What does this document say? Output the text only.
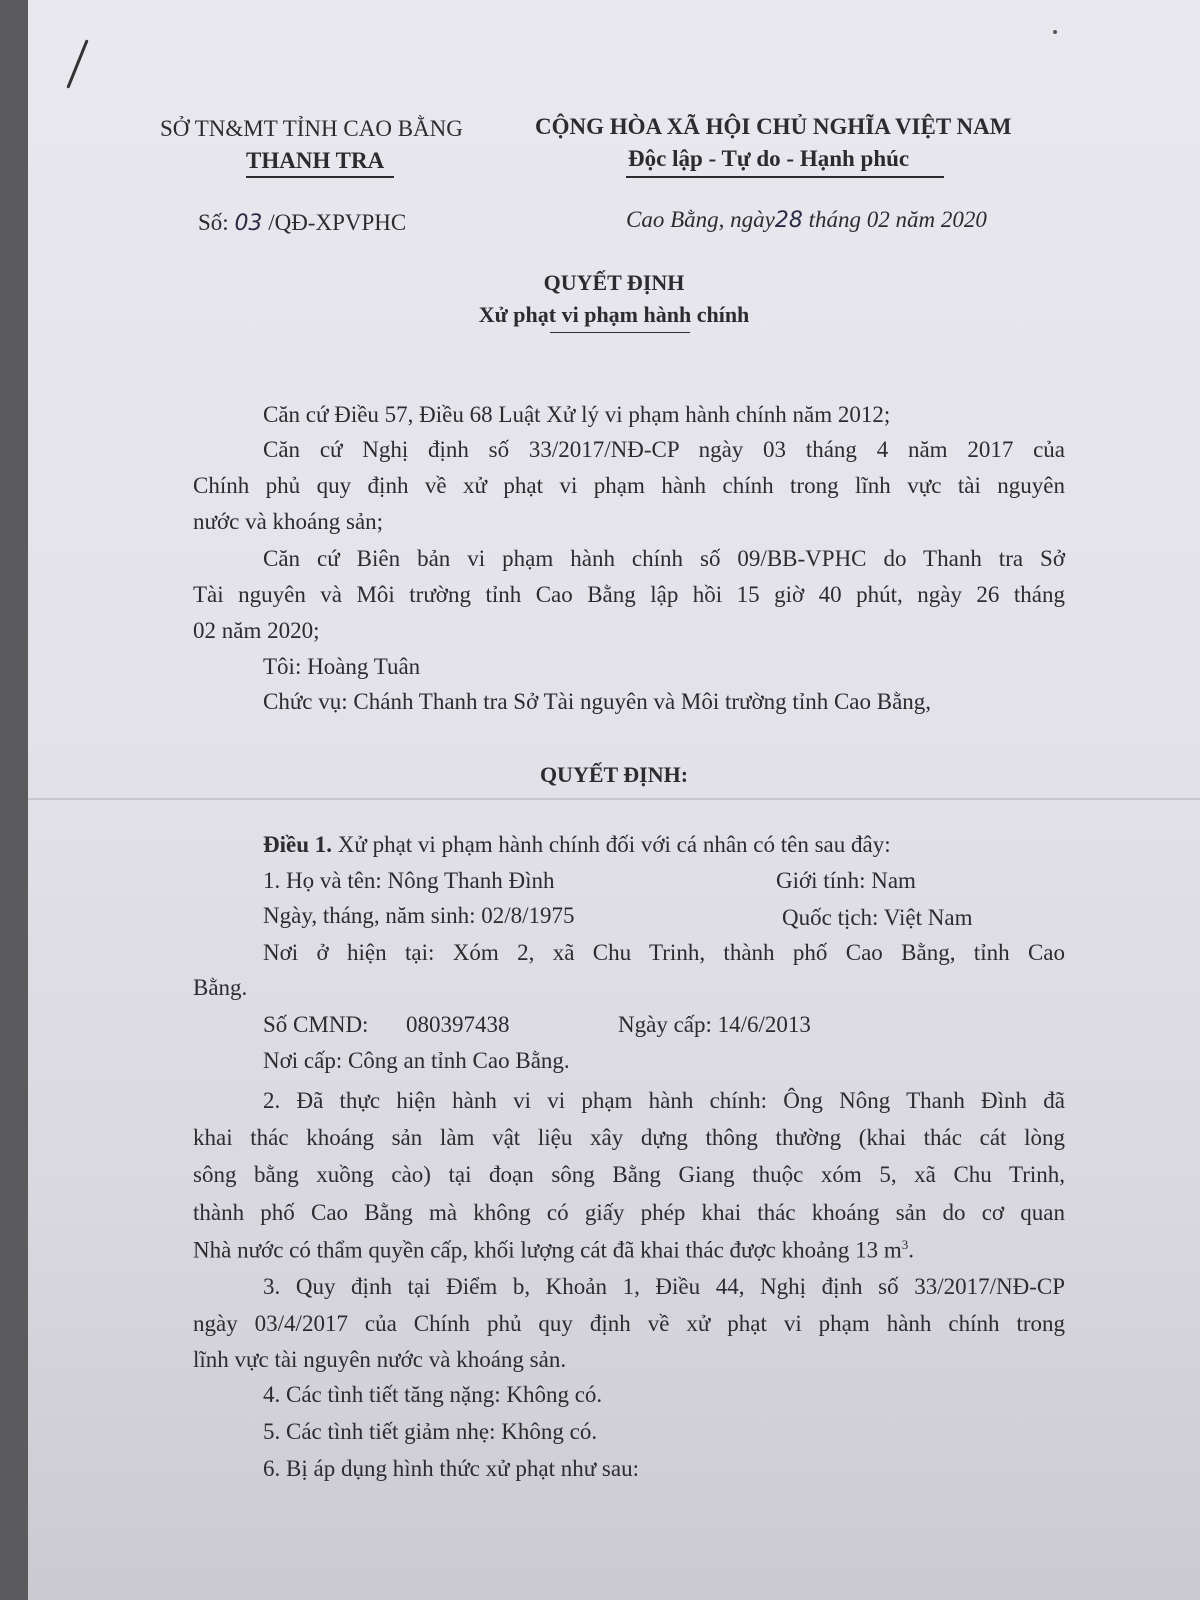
SỞ TN&MT TỈNH CAO BẰNG
THANH TRA
CỘNG HÒA XÃ HỘI CHỦ NGHĨA VIỆT NAM
Độc lập - Tự do - Hạnh phúc
Số: 03 /QĐ-XPVPHC	Cao Bằng, ngày28 tháng 02 năm 2020
QUYẾT ĐỊNH
Xử phạt vi phạm hành chính
Căn cứ Điều 57, Điều 68 Luật Xử lý vi phạm hành chính năm 2012;
Căn cứ Nghị định số 33/2017/NĐ-CP ngày 03 tháng 4 năm 2017 của
Chính phủ quy định về xử phạt vi phạm hành chính trong lĩnh vực tài nguyên
nước và khoáng sản;
Căn cứ Biên bản vi phạm hành chính số 09/BB-VPHC do Thanh tra Sở
Tài nguyên và Môi trường tỉnh Cao Bằng lập hồi 15 giờ 40 phút, ngày 26 tháng
02 năm 2020;
Tôi: Hoàng Tuân
Chức vụ: Chánh Thanh tra Sở Tài nguyên và Môi trường tỉnh Cao Bằng,
QUYẾT ĐỊNH:
Điều 1. Xử phạt vi phạm hành chính đối với cá nhân có tên sau đây:
1. Họ và tên: Nông Thanh Đình	Giới tính: Nam
Ngày, tháng, năm sinh: 02/8/1975	Quốc tịch: Việt Nam
Nơi ở hiện tại: Xóm 2, xã Chu Trinh, thành phố Cao Bằng, tỉnh Cao
Bằng.
Số CMND: 080397438	Ngày cấp: 14/6/2013
Nơi cấp: Công an tỉnh Cao Bằng.
2. Đã thực hiện hành vi vi phạm hành chính: Ông Nông Thanh Đình đã
khai thác khoáng sản làm vật liệu xây dựng thông thường (khai thác cát lòng
sông bằng xuồng cào) tại đoạn sông Bằng Giang thuộc xóm 5, xã Chu Trinh,
thành phố Cao Bằng mà không có giấy phép khai thác khoáng sản do cơ quan
Nhà nước có thẩm quyền cấp, khối lượng cát đã khai thác được khoảng 13 $m^3$.
3. Quy định tại Điểm b, Khoản 1, Điều 44, Nghị định số 33/2017/NĐ-CP
ngày 03/4/2017 của Chính phủ quy định về xử phạt vi phạm hành chính trong
lĩnh vực tài nguyên nước và khoáng sản.
4. Các tình tiết tăng nặng: Không có.
5. Các tình tiết giảm nhẹ: Không có.
6. Bị áp dụng hình thức xử phạt như sau:
